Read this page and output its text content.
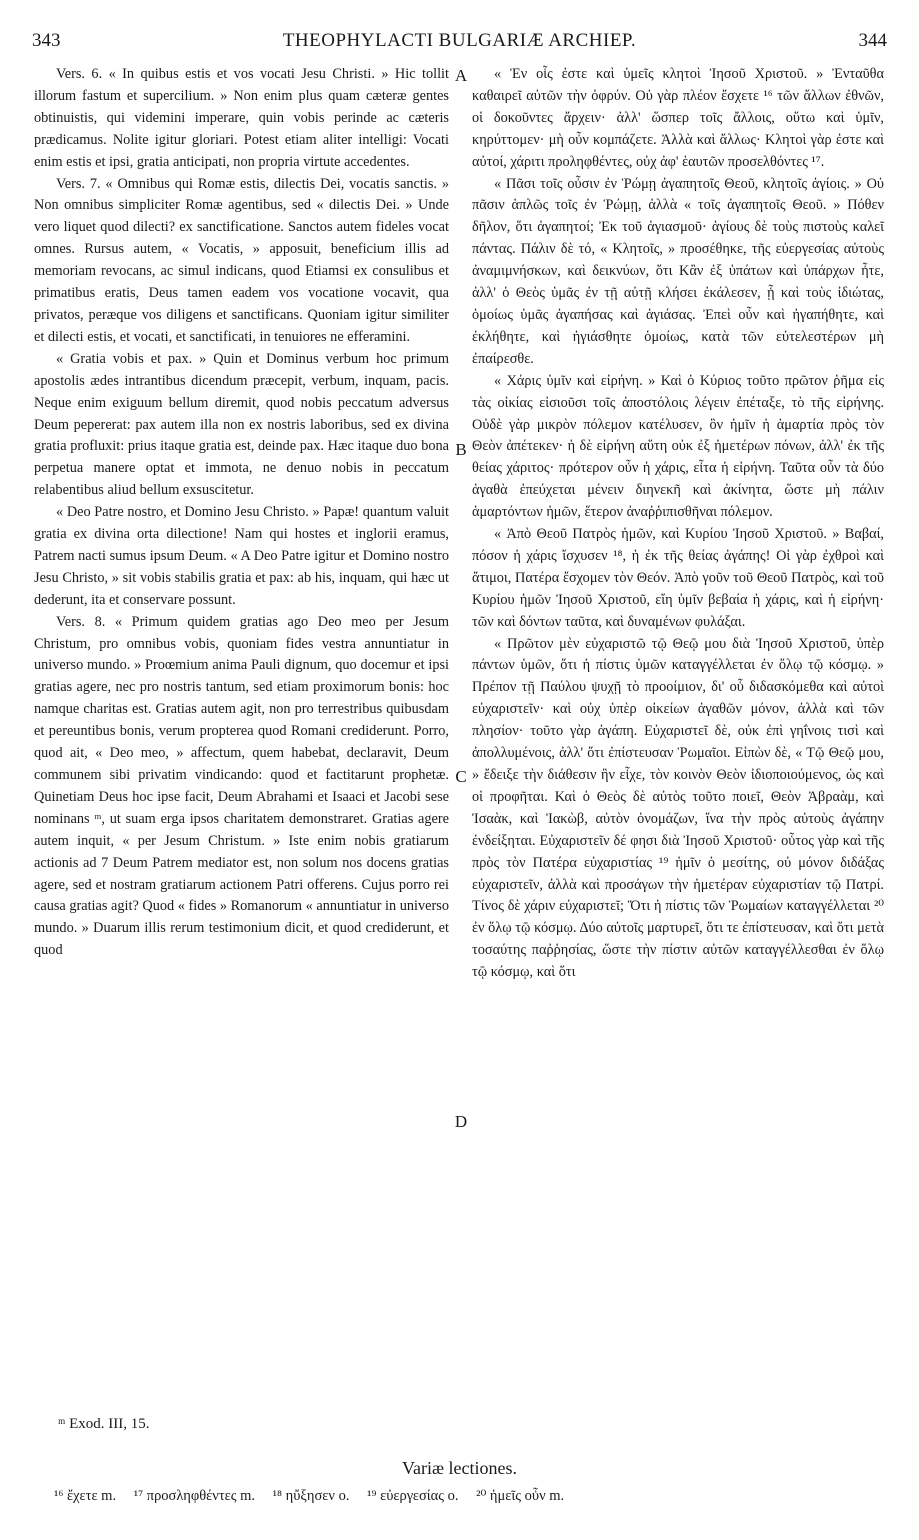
343	THEOPHYLACTI BULGARIÆ ARCHIEP.	344

Vers. 6. « In quibus estis et vos vocati Jesu Christi. » Hic tollit illorum fastum et supercilium. » Non enim plus quam cæteræ gentes obtinuistis, qui videmini imperare, quin vobis perinde ac cæteris prædicamus. Nolite igitur gloriari. Potest etiam aliter intelligi: Vocati enim estis et ipsi, gratia anticipati, non propria virtute accedentes.

Vers. 7. « Omnibus qui Romæ estis, dilectis Dei, vocatis sanctis. » Non omnibus simpliciter Romæ agentibus, sed « dilectis Dei. » Unde vero liquet quod dilecti? ex sanctificatione. Sanctos autem fideles vocat omnes. Rursus autem, « Vocatis, » apposuit, beneficium illis ad memoriam revocans, ac simul indicans, quod Etiamsi ex consulibus et primatibus eratis, Deus tamen eadem vos vocatione vocavit, qua privatos, peræque vos diligens et sanctificans. Quoniam igitur similiter et dilecti estis, et vocati, et sanctificati, in tenuiores ne efferamini.

« Gratia vobis et pax. » Quin et Dominus verbum hoc primum apostolis ædes intrantibus dicendum præcepit, verbum, inquam, pacis. Neque enim exiguum bellum diremit, quod nobis peccatum adversus Deum pepererat: pax autem illa non ex nostris laboribus, sed ex divina gratia profluxit: prius itaque gratia est, deinde pax. Hæc itaque duo bona perpetua manere optat et immota, ne denuo nobis in peccatum relabentibus aliud bellum exsuscitetur.

« Deo Patre nostro, et Domino Jesu Christo. » Papæ! quantum valuit gratia ex divina orta dilectione! Nam qui hostes et inglorii eramus, Patrem nacti sumus ipsum Deum. « A Deo Patre igitur et Domino nostro Jesu Christo, » sit vobis stabilis gratia et pax: ab his, inquam, qui hæc ut dederunt, ita et conservare possunt.

Vers. 8. « Primum quidem gratias ago Deo meo per Jesum Christum, pro omnibus vobis, quoniam fides vestra annuntiatur in universo mundo. » Proœmium anima Pauli dignum, quo docemur et ipsi gratias agere, nec pro nostris tantum, sed etiam proximorum bonis: hoc namque charitas est. Gratias autem agit, non pro terrestribus quibusdam et pereuntibus bonis, verum propterea quod Romani crediderunt. Porro, quod ait, « Deo meo, » affectum, quem habebat, declaravit, Deum communem sibi privatim vindicando: quod et factitarunt prophetæ. Quinetiam Deus hoc ipse facit, Deum Abrahami et Isaaci et Jacobi sese nominans ᵐ, ut suam erga ipsos charitatem demonstraret. Gratias agere autem inquit, « per Jesum Christum. » Iste enim nobis gratiarum actionis ad 7 Deum Patrem mediator est, non solum nos docens gratias agere, sed et nostram gratiarum actionem Patri offerens. Cujus porro rei causa gratias agit? Quod « fides » Romanorum « annuntiatur in universo mundo. » Duarum illis rerum testimonium dicit, et quod crediderunt, et quod

A
B
C
D

« Ἐν οἷς ἐστε καὶ ὑμεῖς κλητοὶ Ἰησοῦ Χριστοῦ. » Ἐνταῦθα καθαιρεῖ αὐτῶν τὴν ὀφρύν. Οὐ γὰρ πλέον ἔσχετε ¹⁶ τῶν ἄλλων ἐθνῶν, οἱ δοκοῦντες ἄρχειν· ἀλλ' ὥσπερ τοῖς ἄλλοις, οὕτω καὶ ὑμῖν, κηρύττομεν· μὴ οὖν κομπάζετε. Ἀλλὰ καὶ ἄλλως· Κλητοὶ γὰρ ἐστε καὶ αὐτοί, χάριτι προληφθέντες, οὐχ ἀφ' ἑαυτῶν προσελθόντες ¹⁷.

« Πᾶσι τοῖς οὖσιν ἐν Ῥώμῃ ἀγαπητοῖς Θεοῦ, κλητοῖς ἁγίοις. » Οὐ πᾶσιν ἁπλῶς τοῖς ἐν Ῥώμῃ, ἀλλὰ « τοῖς ἀγαπητοῖς Θεοῦ. » Πόθεν δῆλον, ὅτι ἀγαπητοί; Ἐκ τοῦ ἁγιασμοῦ· ἁγίους δὲ τοὺς πιστοὺς καλεῖ πάντας. Πάλιν δὲ τό, « Κλητοῖς, » προσέθηκε, τῆς εὐεργεσίας αὐτοὺς ἀναμιμνήσκων, καὶ δεικνύων, ὅτι Κἂν ἐξ ὑπάτων καὶ ὑπάρχων ἦτε, ἀλλ' ὁ Θεὸς ὑμᾶς ἐν τῇ αὐτῇ κλήσει ἐκάλεσεν, ᾗ καὶ τοὺς ἰδιώτας, ὁμοίως ὑμᾶς ἀγαπήσας καὶ ἁγιάσας. Ἐπεὶ οὖν καὶ ἠγαπήθητε, καὶ ἐκλήθητε, καὶ ἡγιάσθητε ὁμοίως, κατὰ τῶν εὐτελεστέρων μὴ ἐπαίρεσθε.

« Χάρις ὑμῖν καὶ εἰρήνη. » Καὶ ὁ Κύριος τοῦτο πρῶτον ῥῆμα εἰς τὰς οἰκίας εἰσιοῦσι τοῖς ἀποστόλοις λέγειν ἐπέταξε, τὸ τῆς εἰρήνης. Οὐδὲ γὰρ μικρὸν πόλεμον κατέλυσεν, ὃν ἡμῖν ἡ ἁμαρτία πρὸς τὸν Θεὸν ἀπέτεκεν· ἡ δὲ εἰρήνη αὕτη οὐκ ἐξ ἡμετέρων πόνων, ἀλλ' ἐκ τῆς θείας χάριτος· πρότερον οὖν ἡ χάρις, εἶτα ἡ εἰρήνη. Ταῦτα οὖν τὰ δύο ἀγαθὰ ἐπεύχεται μένειν διηνεκῆ καὶ ἀκίνητα, ὥστε μὴ πάλιν ἁμαρτόντων ἡμῶν, ἕτερον ἀναῤῥιπισθῆναι πόλεμον.

« Ἀπὸ Θεοῦ Πατρὸς ἡμῶν, καὶ Κυρίου Ἰησοῦ Χριστοῦ. » Βαβαί, πόσον ἡ χάρις ἴσχυσεν ¹⁸, ἡ ἐκ τῆς θείας ἀγάπης! Οἱ γὰρ ἐχθροὶ καὶ ἄτιμοι, Πατέρα ἔσχομεν τὸν Θεόν. Ἀπὸ γοῦν τοῦ Θεοῦ Πατρὸς, καὶ τοῦ Κυρίου ἡμῶν Ἰησοῦ Χριστοῦ, εἴη ὑμῖν βεβαία ἡ χάρις, καὶ ἡ εἰρήνη· τῶν καὶ δόντων ταῦτα, καὶ δυναμένων φυλάξαι.

« Πρῶτον μὲν εὐχαριστῶ τῷ Θεῷ μου διὰ Ἰησοῦ Χριστοῦ, ὑπὲρ πάντων ὑμῶν, ὅτι ἡ πίστις ὑμῶν καταγγέλλεται ἐν ὅλῳ τῷ κόσμῳ. » Πρέπον τῇ Παύλου ψυχῇ τὸ προοίμιον, δι' οὗ διδασκόμεθα καὶ αὐτοὶ εὐχαριστεῖν· καὶ οὐχ ὑπὲρ οἰκείων ἀγαθῶν μόνον, ἀλλὰ καὶ τῶν πλησίον· τοῦτο γὰρ ἀγάπη. Εὐχαριστεῖ δὲ, οὐκ ἐπὶ γηΐνοις τισὶ καὶ ἀπολλυμένοις, ἀλλ' ὅτι ἐπίστευσαν Ῥωμαῖοι. Εἰπὼν δὲ, « Τῷ Θεῷ μου, » ἔδειξε τὴν διάθεσιν ἣν εἶχε, τὸν κοινὸν Θεὸν ἰδιοποιούμενος, ὡς καὶ οἱ προφῆται. Καὶ ὁ Θεὸς δὲ αὐτὸς τοῦτο ποιεῖ, Θεὸν Ἀβραὰμ, καὶ Ἰσαὰκ, καὶ Ἰακὼβ, αὐτὸν ὀνομάζων, ἵνα τὴν πρὸς αὐτοὺς ἀγάπην ἐνδείξηται. Εὐχαριστεῖν δέ φησι διὰ Ἰησοῦ Χριστοῦ· οὗτος γὰρ καὶ τῆς πρὸς τὸν Πατέρα εὐχαριστίας ¹⁹ ἡμῖν ὁ μεσίτης, οὐ μόνον διδάξας εὐχαριστεῖν, ἀλλὰ καὶ προσάγων τὴν ἡμετέραν εὐχαριστίαν τῷ Πατρί. Τίνος δὲ χάριν εὐχαριστεῖ; Ὅτι ἡ πίστις τῶν Ῥωμαίων καταγγέλλεται ²⁰ ἐν ὅλῳ τῷ κόσμῳ. Δύο αὐτοῖς μαρτυρεῖ, ὅτι τε ἐπίστευσαν, καὶ ὅτι μετὰ τοσαύτης παῤῥησίας, ὥστε τὴν πίστιν αὐτῶν καταγγέλλεσθαι ἐν ὅλῳ τῷ κόσμῳ, καὶ ὅτι

ᵐ Exod. III, 15.
Variæ lectiones.
¹⁶ ἔχετε m. ¹⁷ προσληφθέντες m. ¹⁸ ηὔξησεν o. ¹⁹ εὐεργεσίας o. ²⁰ ἡμεῖς οὖν m.
